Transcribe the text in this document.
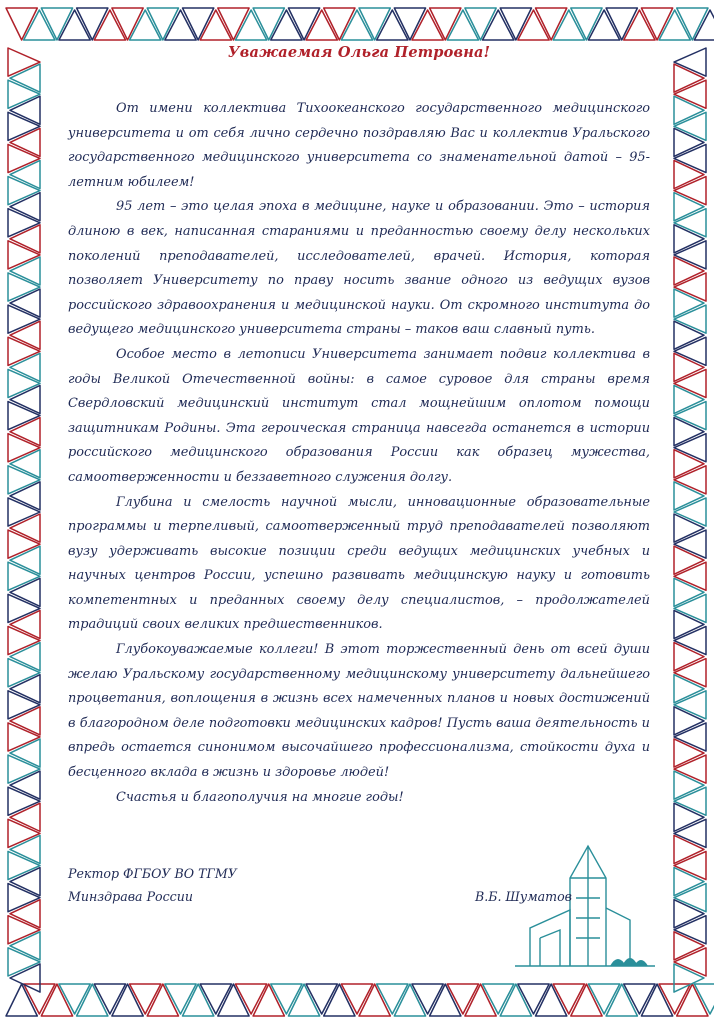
Уважаемая Ольга Петровна!

От имени коллектива Тихоокеанского государственного медицинского университета и от себя лично сердечно поздравляю Вас и коллектив Уральского государственного медицинского университета со знаменательной датой – 95-летним юбилеем!

95 лет – это целая эпоха в медицине, науке и образовании. Это – история длиною в век, написанная стараниями и преданностью своему делу нескольких поколений преподавателей, исследователей, врачей. История, которая позволяет Университету по праву носить звание одного из ведущих вузов российского здравоохранения и медицинской науки. От скромного института до ведущего медицинского университета страны – таков ваш славный путь.

Особое место в летописи Университета занимает подвиг коллектива в годы Великой Отечественной войны: в самое суровое для страны время Свердловский медицинский институт стал мощнейшим оплотом помощи защитникам Родины. Эта героическая страница навсегда останется в истории российского медицинского образования России как образец мужества, самоотверженности и беззаветного служения долгу.

Глубина и смелость научной мысли, инновационные образовательные программы и терпеливый, самоотверженный труд преподавателей позволяют вузу удерживать высокие позиции среди ведущих медицинских учебных и научных центров России, успешно развивать медицинскую науку и готовить компетентных и преданных своему делу специалистов, – продолжателей традиций своих великих предшественников.

Глубокоуважаемые коллеги! В этот торжественный день от всей души желаю Уральскому государственному медицинскому университету дальнейшего процветания, воплощения в жизнь всех намеченных планов и новых достижений в благородном деле подготовки медицинских кадров! Пусть ваша деятельность и впредь остается синонимом высочайшего профессионализма, стойкости духа и бесценного вклада в жизнь и здоровье людей!

Счастья и благополучия на многие годы!

Ректор ФГБОУ ВО ТГМУ
Минздрава России	В.Б. Шуматов
